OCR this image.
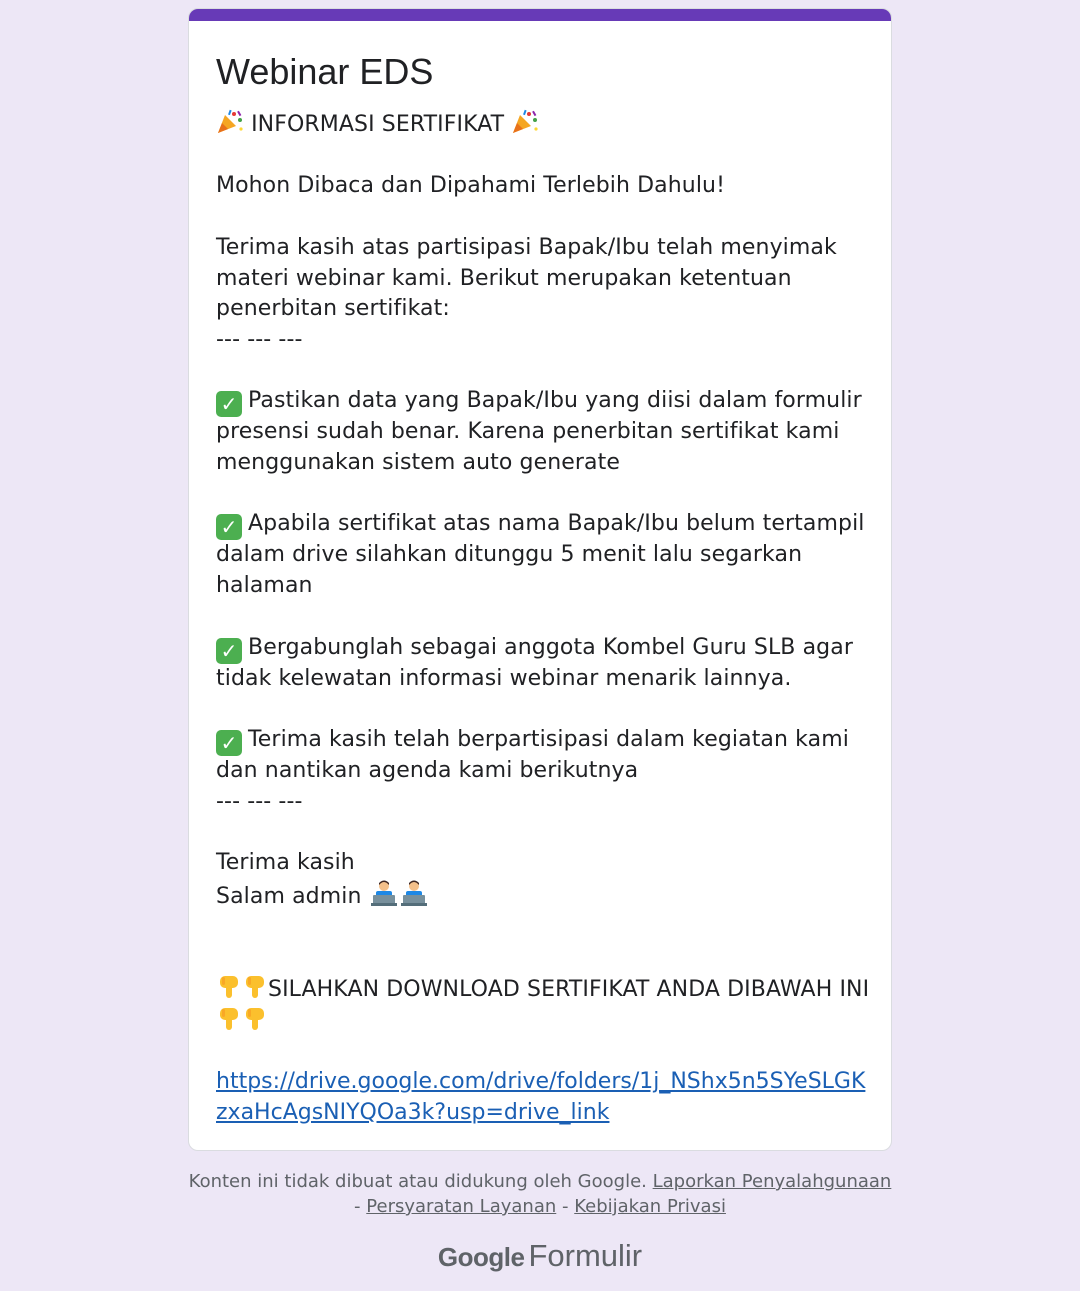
Webinar EDS
INFORMASI SERTIFIKAT

Mohon Dibaca dan Dipahami Terlebih Dahulu!

Terima kasih atas partisipasi Bapak/Ibu telah menyimak materi webinar kami. Berikut merupakan ketentuan penerbitan sertifikat:
--- --- ---

✓ Pastikan data yang Bapak/Ibu yang diisi dalam formulir presensi sudah benar. Karena penerbitan sertifikat kami menggunakan sistem auto generate

✓ Apabila sertifikat atas nama Bapak/Ibu belum tertampil dalam drive silahkan ditunggu 5 menit lalu segarkan halaman

✓ Bergabunglah sebagai anggota Kombel Guru SLB agar tidak kelewatan informasi webinar menarik lainnya.

✓ Terima kasih telah berpartisipasi dalam kegiatan kami dan nantikan agenda kami berikutnya
--- --- ---

Terima kasih
Salam admin

SILAHKAN DOWNLOAD SERTIFIKAT ANDA DIBAWAH INI

https://drive.google.com/drive/folders/1j_NShx5n5SYeSLGKzxaHcAgsNIYQOa3k?usp=drive_link
Konten ini tidak dibuat atau didukung oleh Google. Laporkan Penyalahgunaan - Persyaratan Layanan - Kebijakan Privasi
Google Formulir
